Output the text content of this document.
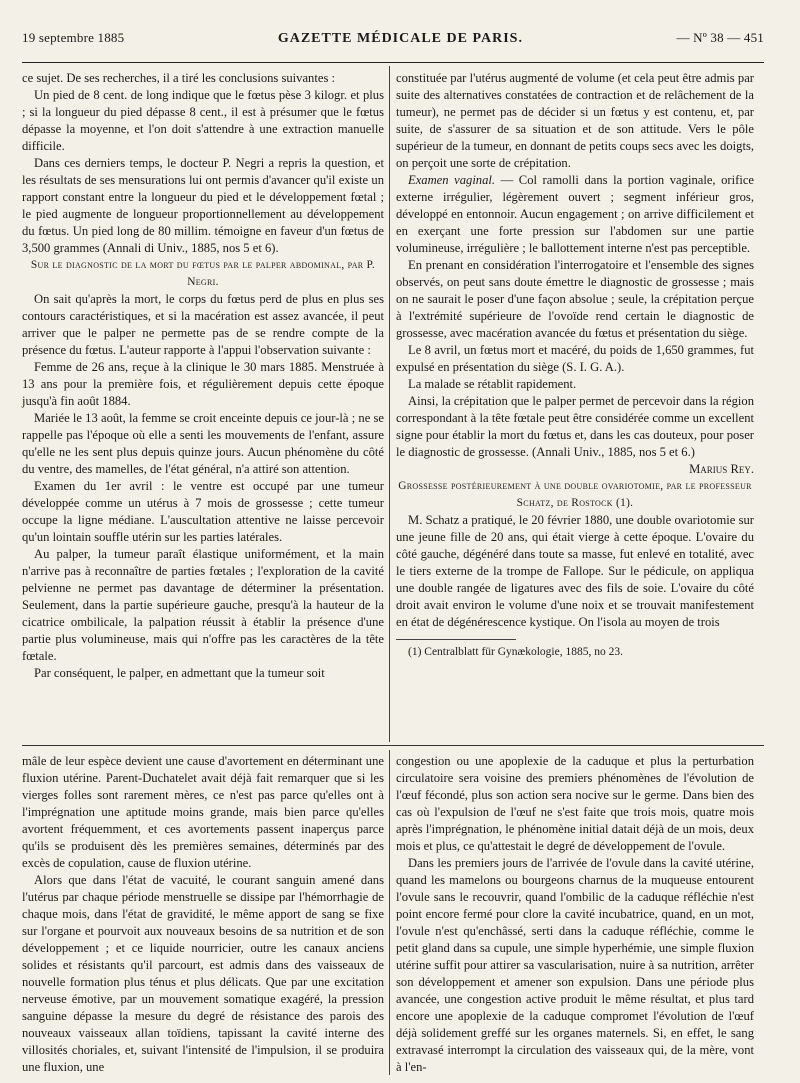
19 septembre 1885	GAZETTE MÉDICALE DE PARIS.	— Nº 38 — 451

ce sujet. De ses recherches, il a tiré les conclusions suivantes :

Un pied de 8 cent. de long indique que le fœtus pèse 3 kilogr. et plus ; si la longueur du pied dépasse 8 cent., il est à présumer que le fœtus dépasse la moyenne, et l'on doit s'attendre à une extraction manuelle difficile.

Dans ces derniers temps, le docteur P. Negri a repris la question, et les résultats de ses mensurations lui ont permis d'avancer qu'il existe un rapport constant entre la longueur du pied et le développement fœtal ; le pied augmente de longueur proportionnellement au développement du fœtus. Un pied long de 80 millim. témoigne en faveur d'un fœtus de 3,500 grammes (Annali di Univ., 1885, nos 5 et 6).

Sur le diagnostic de la mort du fœtus par le palper abdominal, par P. Negri.

On sait qu'après la mort, le corps du fœtus perd de plus en plus ses contours caractéristiques, et si la macération est assez avancée, il peut arriver que le palper ne permette pas de se rendre compte de la présence du fœtus. L'auteur rapporte à l'appui l'observation suivante :

Femme de 26 ans, reçue à la clinique le 30 mars 1885. Menstruée à 13 ans pour la première fois, et régulièrement depuis cette époque jusqu'à fin août 1884.

Mariée le 13 août, la femme se croit enceinte depuis ce jour-là ; ne se rappelle pas l'époque où elle a senti les mouvements de l'enfant, assure qu'elle ne les sent plus depuis quinze jours. Aucun phénomène du côté du ventre, des mamelles, de l'état général, n'a attiré son attention.

Examen du 1er avril : le ventre est occupé par une tumeur développée comme un utérus à 7 mois de grossesse ; cette tumeur occupe la ligne médiane. L'auscultation attentive ne laisse percevoir qu'un lointain souffle utérin sur les parties latérales.

Au palper, la tumeur paraît élastique uniformément, et la main n'arrive pas à reconnaître de parties fœtales ; l'exploration de la cavité pelvienne ne permet pas davantage de déterminer la présentation. Seulement, dans la partie supérieure gauche, presqu'à la hauteur de la cicatrice ombilicale, la palpation réussit à établir la présence d'une partie plus volumineuse, mais qui n'offre pas les caractères de la tête fœtale.

Par conséquent, le palper, en admettant que la tumeur soit

constituée par l'utérus augmenté de volume (et cela peut être admis par suite des alternatives constatées de contraction et de relâchement de la tumeur), ne permet pas de décider si un fœtus y est contenu, et, par suite, de s'assurer de sa situation et de son attitude. Vers le pôle supérieur de la tumeur, en donnant de petits coups secs avec les doigts, on perçoit une sorte de crépitation.

Examen vaginal. — Col ramolli dans la portion vaginale, orifice externe irrégulier, légèrement ouvert ; segment inférieur gros, développé en entonnoir. Aucun engagement ; on arrive difficilement et en exerçant une forte pression sur l'abdomen sur une partie volumineuse, irrégulière ; le ballottement interne n'est pas perceptible.

En prenant en considération l'interrogatoire et l'ensemble des signes observés, on peut sans doute émettre le diagnostic de grossesse ; mais on ne saurait le poser d'une façon absolue ; seule, la crépitation perçue à l'extrémité supérieure de l'ovoïde rend certain le diagnostic de grossesse, avec macération avancée du fœtus et présentation du siège.

Le 8 avril, un fœtus mort et macéré, du poids de 1,650 grammes, fut expulsé en présentation du siège (S. I. G. A.).

La malade se rétablit rapidement.

Ainsi, la crépitation que le palper permet de percevoir dans la région correspondant à la tête fœtale peut être considérée comme un excellent signe pour établir la mort du fœtus et, dans les cas douteux, pour poser le diagnostic de grossesse. (Annali Univ., 1885, nos 5 et 6.)

Marius Rey.

Grossesse postérieurement à une double ovariotomie, par le professeur Schatz, de Rostock (1).

M. Schatz a pratiqué, le 20 février 1880, une double ovariotomie sur une jeune fille de 20 ans, qui était vierge à cette époque. L'ovaire du côté gauche, dégénéré dans toute sa masse, fut enlevé en totalité, avec le tiers externe de la trompe de Fallope. Sur le pédicule, on appliqua une double rangée de ligatures avec des fils de soie. L'ovaire du côté droit avait environ le volume d'une noix et se trouvait manifestement en état de dégénérescence kystique. On l'isola au moyen de trois

(1) Centralblatt für Gynækologie, 1885, no 23.

mâle de leur espèce devient une cause d'avortement en déterminant une fluxion utérine. Parent-Duchatelet avait déjà fait remarquer que si les vierges folles sont rarement mères, ce n'est pas parce qu'elles ont à l'imprégnation une aptitude moins grande, mais bien parce qu'elles avortent fréquemment, et ces avortements passent inaperçus parce qu'ils se produisent dès les premières semaines, déterminés par des excès de copulation, cause de fluxion utérine.

Alors que dans l'état de vacuité, le courant sanguin amené dans l'utérus par chaque période menstruelle se dissipe par l'hémorrhagie de chaque mois, dans l'état de gravidité, le même apport de sang se fixe sur l'organe et pourvoit aux nouveaux besoins de sa nutrition et de son développement ; et ce liquide nourricier, outre les canaux anciens solides et résistants qu'il parcourt, est admis dans des vaisseaux de nouvelle formation plus ténus et plus délicats. Que par une excitation nerveuse émotive, par un mouvement somatique exagéré, la pression sanguine dépasse la mesure du degré de résistance des parois des nouveaux vaisseaux allan toïdiens, tapissant la cavité interne des villosités choriales, et, suivant l'intensité de l'impulsion, il se produira une fluxion, une

congestion ou une apoplexie de la caduque et plus la perturbation circulatoire sera voisine des premiers phénomènes de l'évolution de l'œuf fécondé, plus son action sera nocive sur le germe. Dans bien des cas où l'expulsion de l'œuf ne s'est faite que trois mois, quatre mois après l'imprégnation, le phénomène initial datait déjà de un mois, deux mois et plus, ce qu'attestait le degré de développement de l'ovule.

Dans les premiers jours de l'arrivée de l'ovule dans la cavité utérine, quand les mamelons ou bourgeons charnus de la muqueuse entourent l'ovule sans le recouvrir, quand l'ombilic de la caduque réfléchie n'est point encore fermé pour clore la cavité incubatrice, quand, en un mot, l'ovule n'est qu'enchâssé, serti dans la caduque réfléchie, comme le petit gland dans sa cupule, une simple hyperhémie, une simple fluxion utérine suffit pour attirer sa vascularisation, nuire à sa nutrition, arrêter son développement et amener son expulsion. Dans une période plus avancée, une congestion active produit le même résultat, et plus tard encore une apoplexie de la caduque compromet l'évolution de l'œuf déjà solidement greffé sur les organes maternels. Si, en effet, le sang extravasé interrompt la circulation des vaisseaux qui, de la mère, vont à l'en-
